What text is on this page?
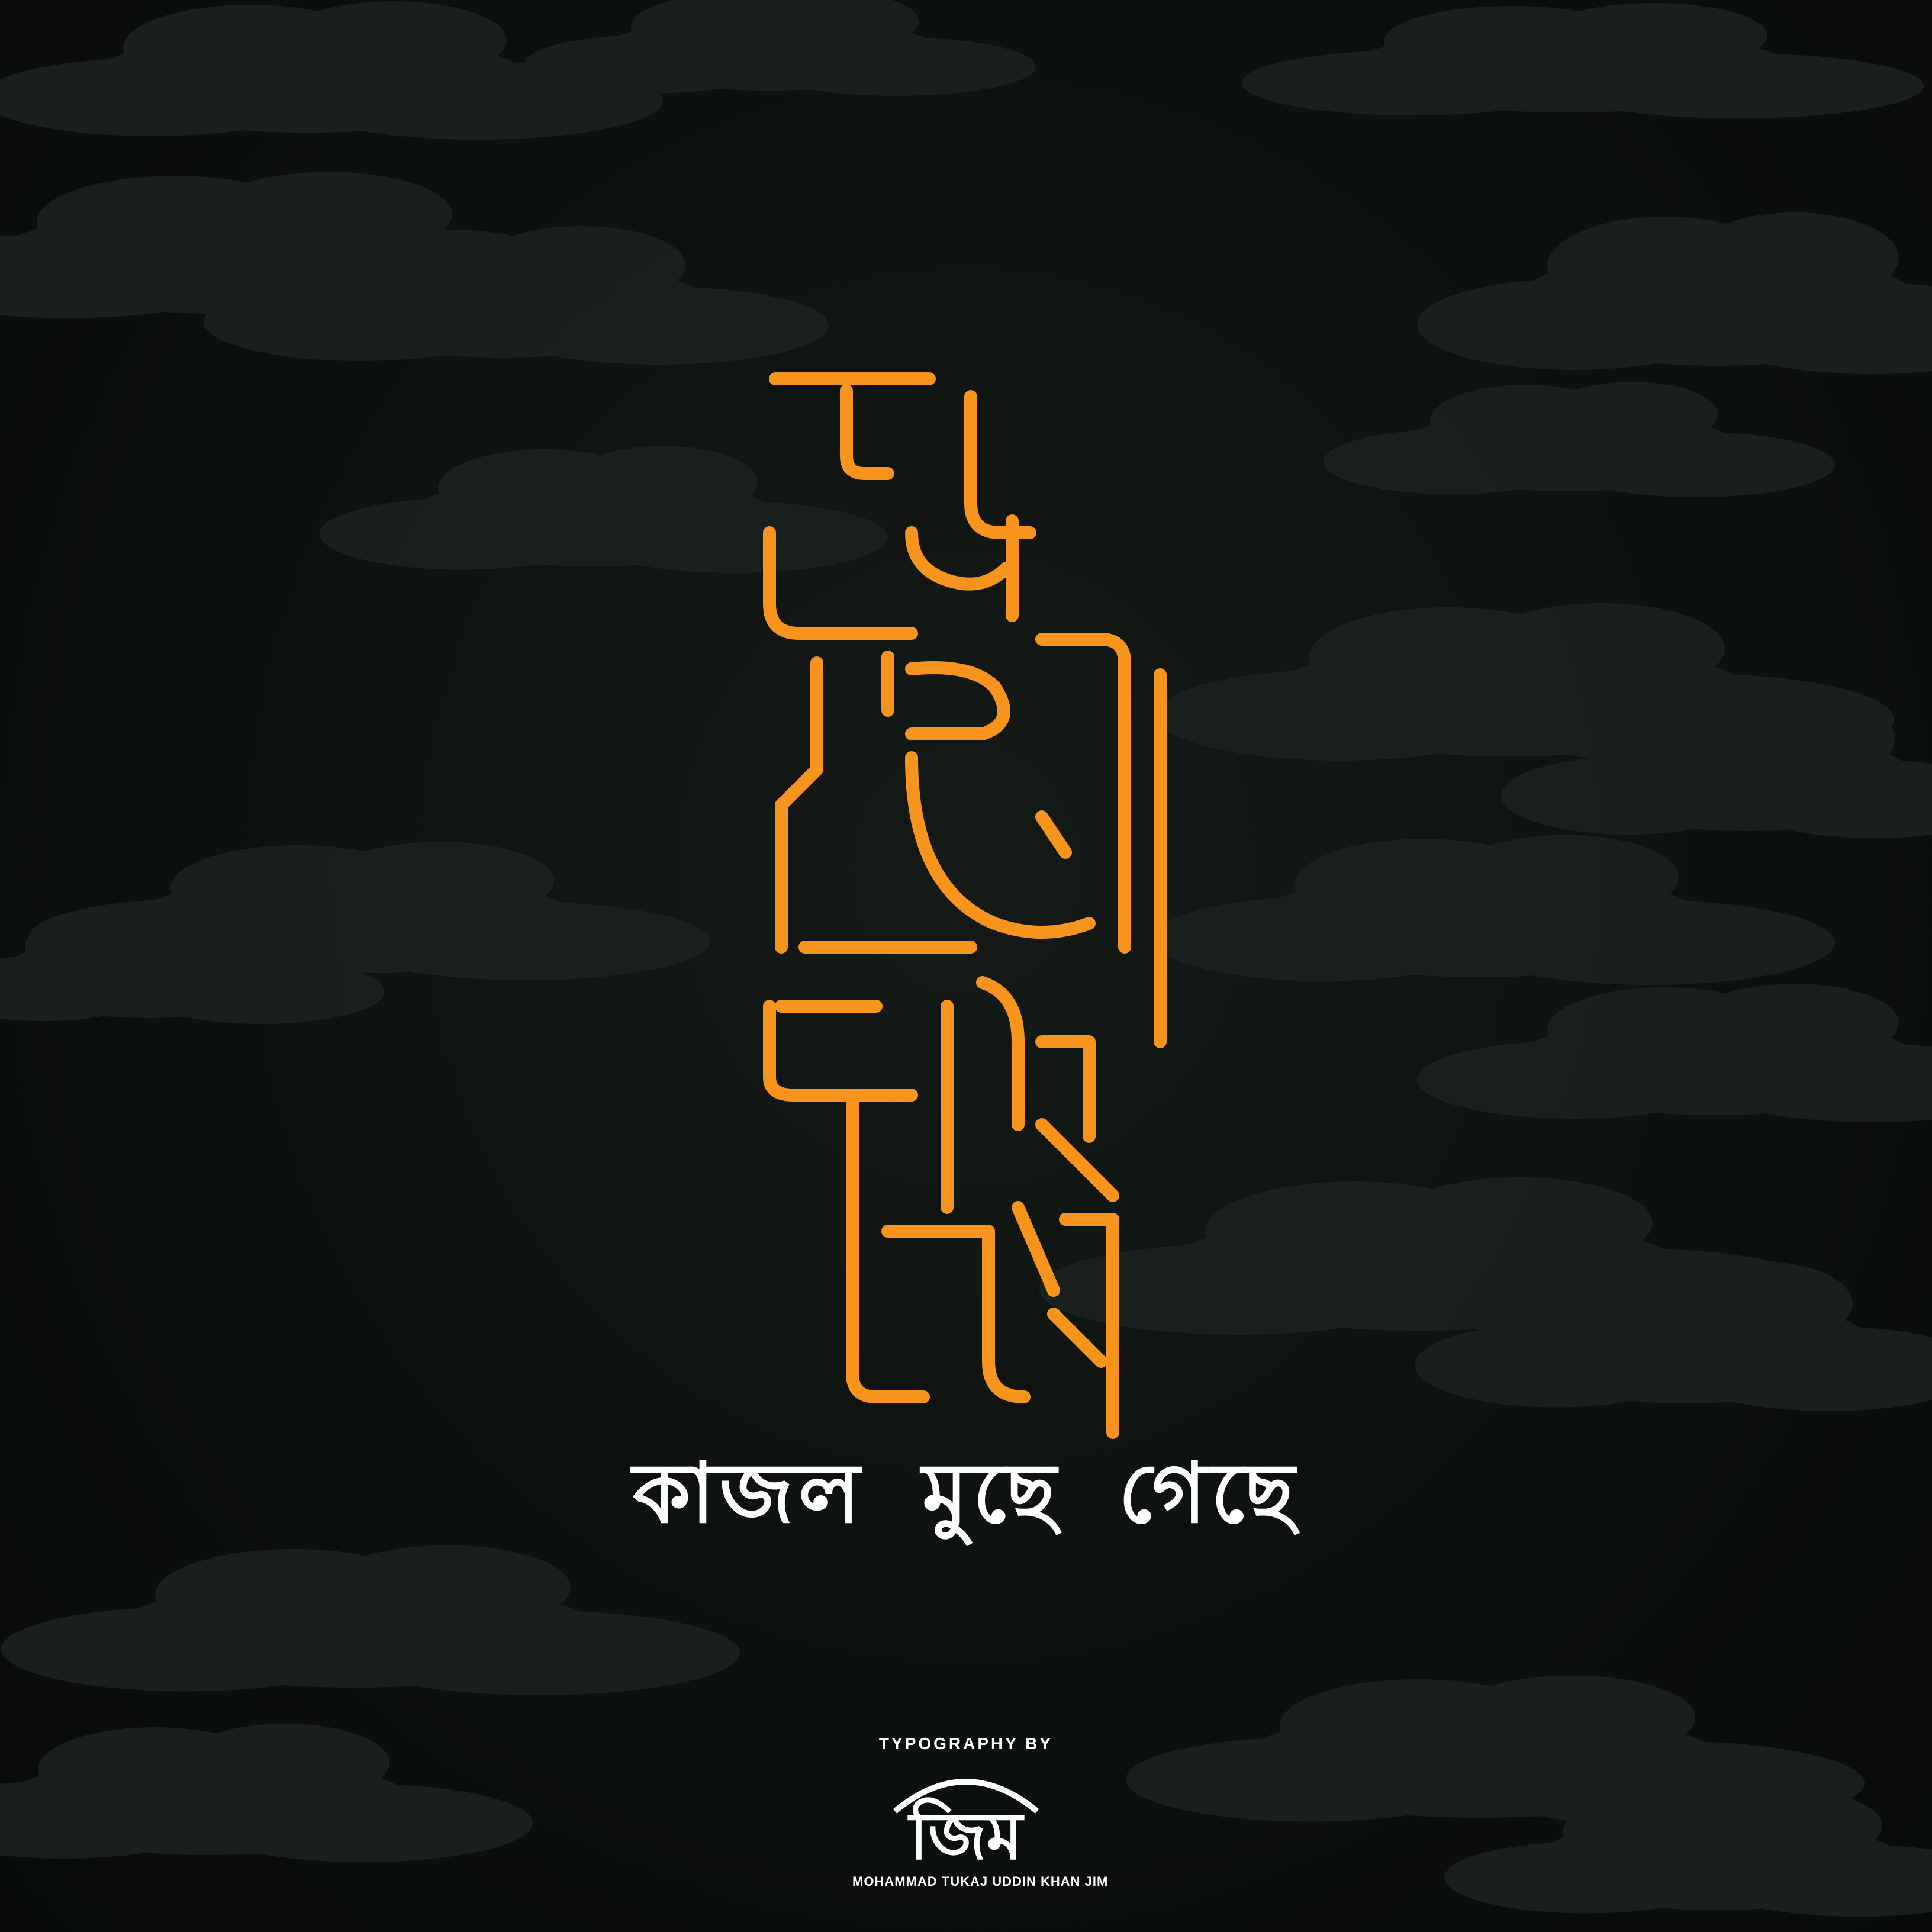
কাজল মুছে গেছে
TYPOGRAPHY BY
জিম
MOHAMMAD TUKAJ UDDIN KHAN JIM
